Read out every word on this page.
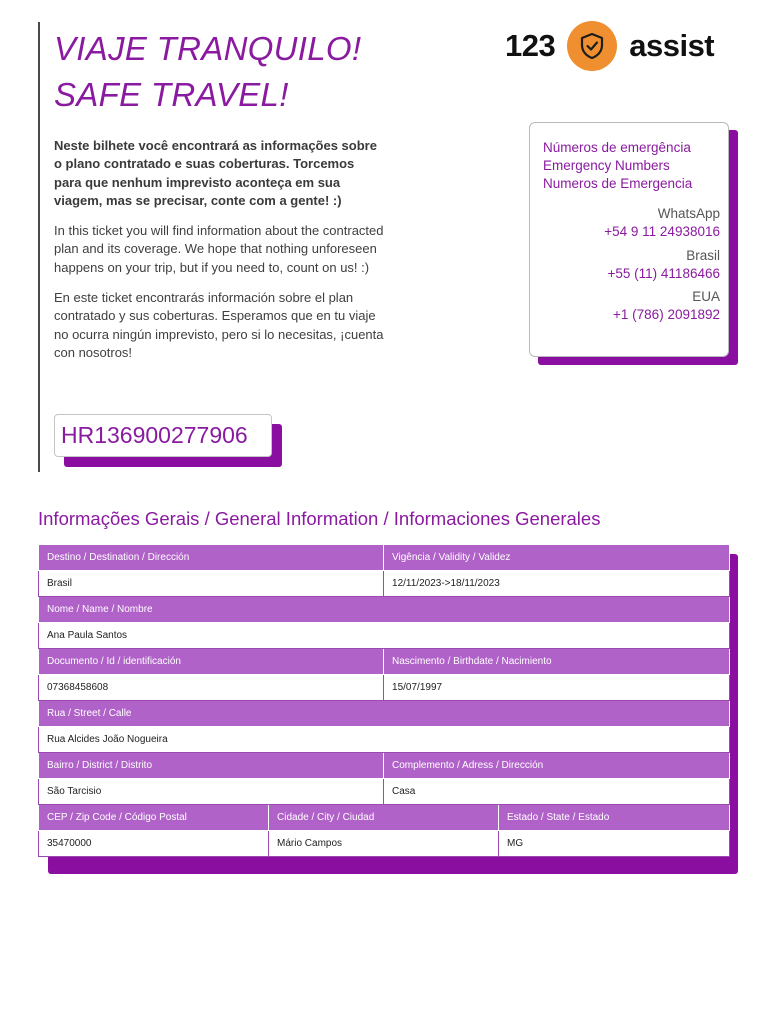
VIAJE TRANQUILO!
SAFE TRAVEL!
123 assist

Neste bilhete você encontrará as informações sobre o plano contratado e suas coberturas. Torcemos para que nenhum imprevisto aconteça em sua viagem, mas se precisar, conte com a gente! :)

In this ticket you will find information about the contracted plan and its coverage. We hope that nothing unforeseen happens on your trip, but if you need to, count on us! :)

En este ticket encontrarás información sobre el plan contratado y sus coberturas. Esperamos que en tu viaje no ocurra ningún imprevisto, pero si lo necesitas, ¡cuenta con nosotros!

HR136900277906
Números de emergência
Emergency Numbers
Numeros de Emergencia
WhatsApp
+54 9 11 24938016
Brasil
+55 (11) 41186466
EUA
+1 (786) 2091892
Informações Gerais / General Information / Informaciones Generales
Destino / Destination / Dirección		Vigência / Validity / Validez	
Brasil		12/11/2023->18/11/2023	
Nome / Name / Nombre			
Ana Paula Santos			
Documento / Id / identificación		Nascimento / Birthdate / Nacimiento	
07368458608		15/07/1997	
Rua / Street / Calle			
Rua Alcides João Nogueira			
Bairro / District / Distrito		Complemento / Adress / Dirección	
São Tarcisio		Casa	
CEP / Zip Code / Código Postal	Cidade / City / Ciudad		Estado / State / Estado
35470000	Mário Campos		MG
